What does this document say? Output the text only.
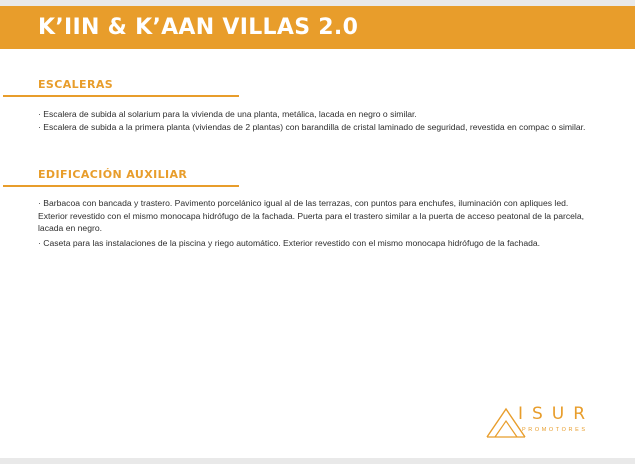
K’IIN & K’AAN VILLAS 2.0
ESCALERAS

· Escalera de subida al solarium para la vivienda de una planta, metálica, lacada en negro o similar.

· Escalera de subida a la primera planta (viviendas de 2 plantas) con barandilla de cristal laminado de seguridad, revestida en compac o similar.

EDIFICACIÓN AUXILIAR

· Barbacoa con bancada y trastero. Pavimento porcelánico igual al de las terrazas, con puntos para enchufes, iluminación con apliques led. Exterior revestido con el mismo monocapa hidrófugo de la fachada. Puerta para el trastero similar a la puerta de acceso peatonal de la parcela, lacada en negro.

· Caseta para las instalaciones de la piscina y riego automático. Exterior revestido con el mismo monocapa hidrófugo de la fachada.

ISUR
PROMOTORES
